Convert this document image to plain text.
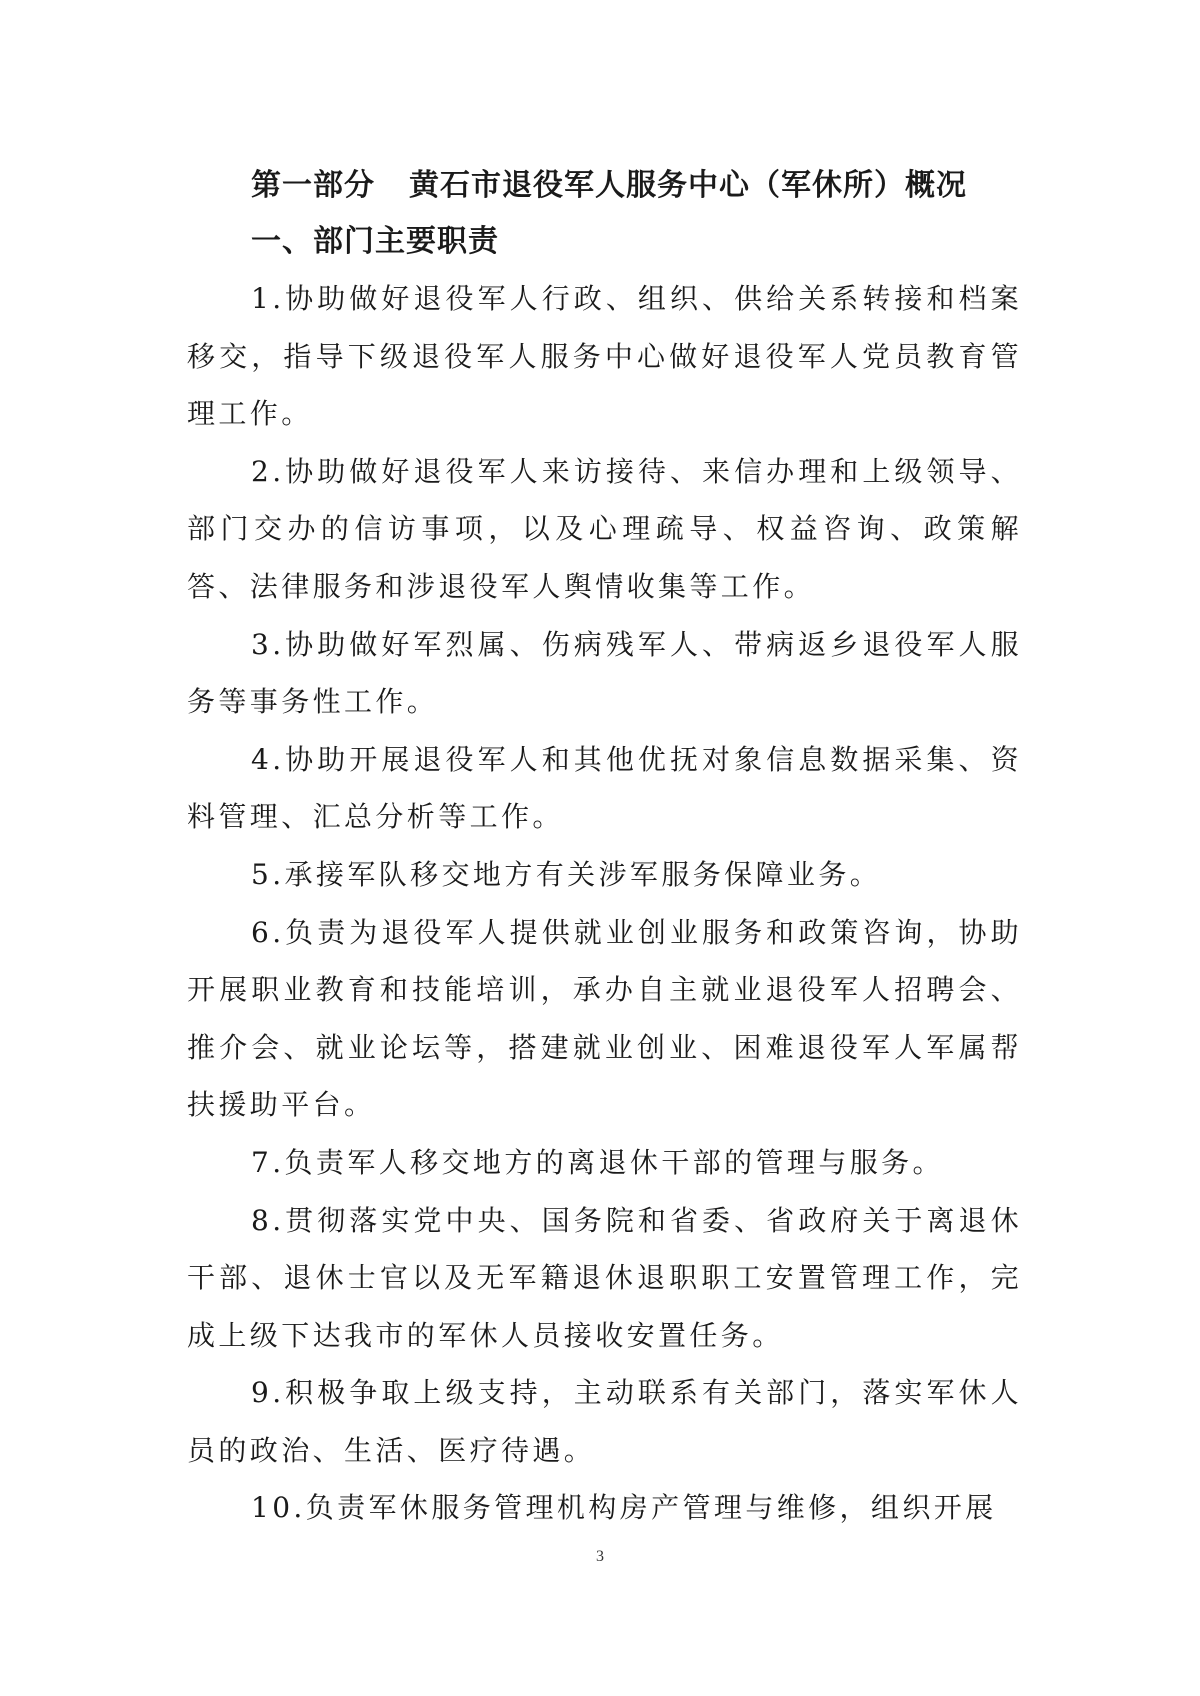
第一部分 黄石市退役军人服务中心（军休所）概况
一、部门主要职责

1.协助做好退役军人行政、组织、供给关系转接和档案移交，指导下级退役军人服务中心做好退役军人党员教育管理工作。

2.协助做好退役军人来访接待、来信办理和上级领导、部门交办的信访事项，以及心理疏导、权益咨询、政策解答、法律服务和涉退役军人舆情收集等工作。

3.协助做好军烈属、伤病残军人、带病返乡退役军人服务等事务性工作。

4.协助开展退役军人和其他优抚对象信息数据采集、资料管理、汇总分析等工作。

5.承接军队移交地方有关涉军服务保障业务。

6.负责为退役军人提供就业创业服务和政策咨询，协助开展职业教育和技能培训，承办自主就业退役军人招聘会、推介会、就业论坛等，搭建就业创业、困难退役军人军属帮扶援助平台。

7.负责军人移交地方的离退休干部的管理与服务。

8.贯彻落实党中央、国务院和省委、省政府关于离退休干部、退休士官以及无军籍退休退职职工安置管理工作，完成上级下达我市的军休人员接收安置任务。

9.积极争取上级支持，主动联系有关部门，落实军休人员的政治、生活、医疗待遇。

10.负责军休服务管理机构房产管理与维修，组织开展

3
